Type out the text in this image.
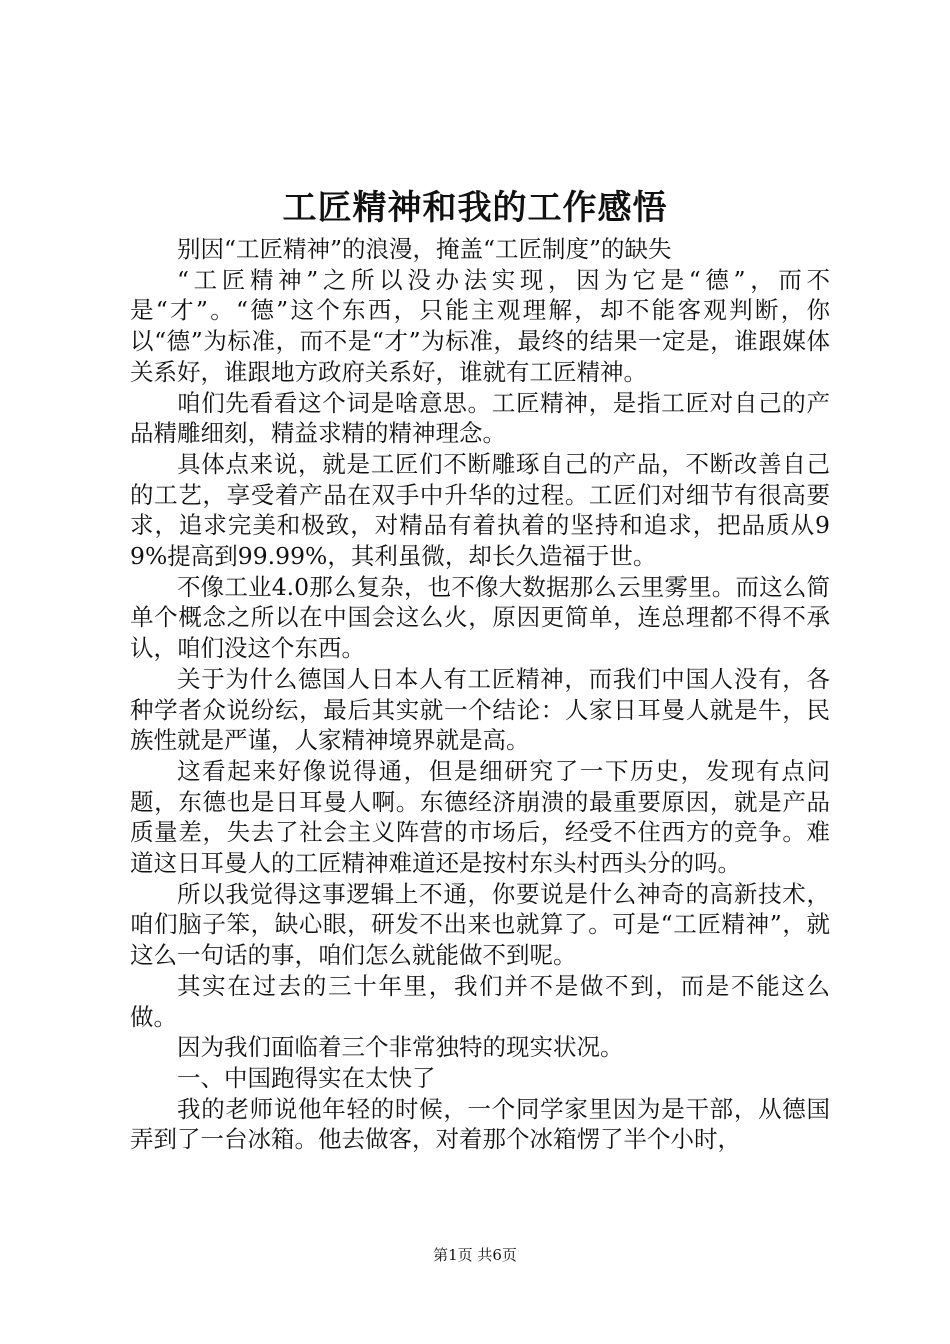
工匠精神和我的工作感悟

别因“工匠精神”的浪漫，掩盖“工匠制度”的缺失

“工匠精神”之所以没办法实现，因为它是“德”，而不是“才”。“德”这个东西，只能主观理解，却不能客观判断，你以“德”为标准，而不是“才”为标准，最终的结果一定是，谁跟媒体关系好，谁跟地方政府关系好，谁就有工匠精神。

咱们先看看这个词是啥意思。工匠精神，是指工匠对自己的产品精雕细刻，精益求精的精神理念。

具体点来说，就是工匠们不断雕琢自己的产品，不断改善自己的工艺，享受着产品在双手中升华的过程。工匠们对细节有很高要求，追求完美和极致，对精品有着执着的坚持和追求，把品质从99%提高到99.99%，其利虽微，却长久造福于世。

不像工业4.0那么复杂，也不像大数据那么云里雾里。而这么简单个概念之所以在中国会这么火，原因更简单，连总理都不得不承认，咱们没这个东西。

关于为什么德国人日本人有工匠精神，而我们中国人没有，各种学者众说纷纭，最后其实就一个结论：人家日耳曼人就是牛，民族性就是严谨，人家精神境界就是高。

这看起来好像说得通，但是细研究了一下历史，发现有点问题，东德也是日耳曼人啊。东德经济崩溃的最重要原因，就是产品质量差，失去了社会主义阵营的市场后，经受不住西方的竞争。难道这日耳曼人的工匠精神难道还是按村东头村西头分的吗。

所以我觉得这事逻辑上不通，你要说是什么神奇的高新技术，咱们脑子笨，缺心眼，研发不出来也就算了。可是“工匠精神”，就这么一句话的事，咱们怎么就能做不到呢。

其实在过去的三十年里，我们并不是做不到，而是不能这么做。

因为我们面临着三个非常独特的现实状况。

一、中国跑得实在太快了

我的老师说他年轻的时候，一个同学家里因为是干部，从德国弄到了一台冰箱。他去做客，对着那个冰箱愣了半个小时，

第1页 共6页
